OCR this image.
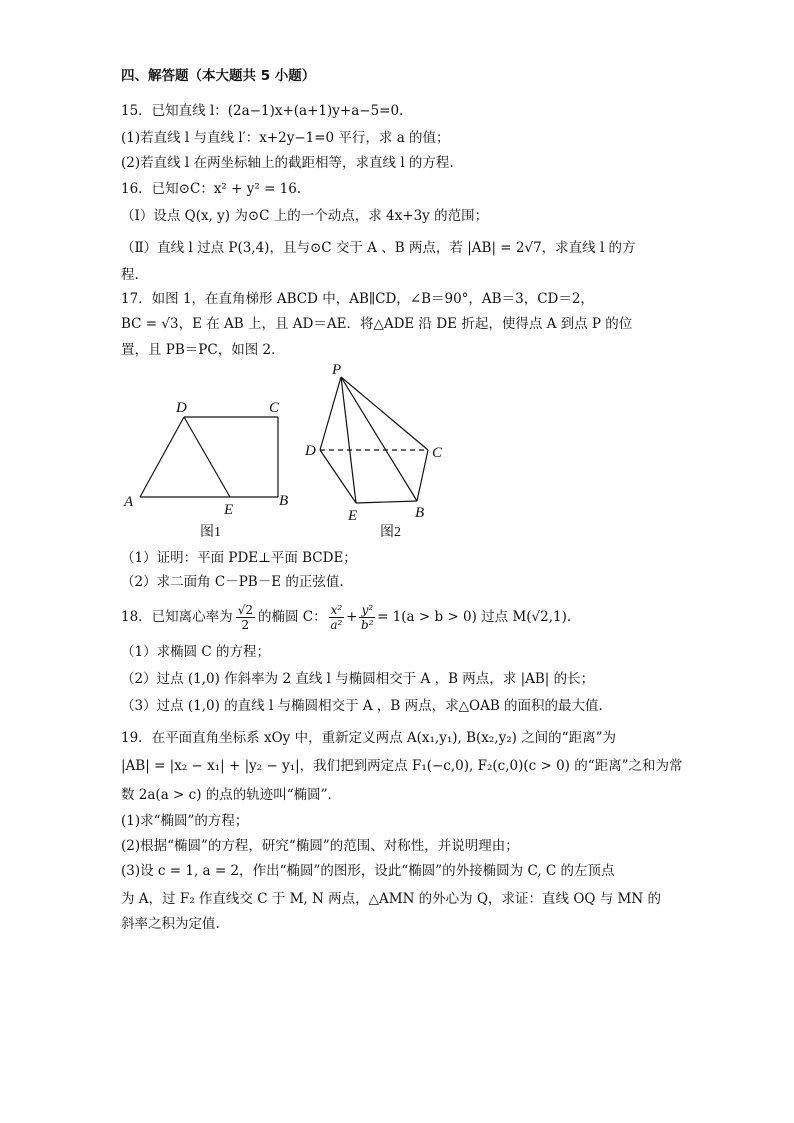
四、解答题（本大题共 5 小题）
15．已知直线 l：(2a−1)x+(a+1)y+a−5=0.
(1)若直线 l 与直线 l′：x+2y−1=0 平行，求 a 的值；
(2)若直线 l 在两坐标轴上的截距相等，求直线 l 的方程.
16．已知⊙C：x² + y² = 16.
（Ⅰ）设点 Q(x, y) 为⊙C 上的一个动点，求 4x+3y 的范围；
（Ⅱ）直线 l 过点 P(3,4)，且与⊙C 交于 A 、B 两点，若 |AB| = 2√7，求直线 l 的方
程.
17．如图 1，在直角梯形 ABCD 中，AB∥CD，∠B＝90°，AB＝3，CD＝2，
BC = √3，E 在 AB 上，且 AD＝AE．将△ADE 沿 DE 折起，使得点 A 到点 P 的位
置，且 PB＝PC，如图 2．
A
D	C
E
B
图1
P
D	C
E	B
图2
（1）证明：平面 PDE⊥平面 BCDE；
（2）求二面角 C－PB－E 的正弦值.
18．已知离心率为 $\frac{√2}{2}$ 的椭圆 C： $\frac{\text{x²}}{\text{a²}} + \frac{\text{y²}}{\text{b²}} = 1(a > b > 0)$ 过点 M(√2,1).
（1）求椭圆 C 的方程；
（2）过点 (1,0) 作斜率为 2 直线 l 与椭圆相交于 A ，B 两点，求 |AB| 的长；
（3）过点 (1,0) 的直线 l 与椭圆相交于 A ，B 两点，求△OAB 的面积的最大值.
19．在平面直角坐标系 xOy 中，重新定义两点 A(x₁,y₁), B(x₂,y₂) 之间的“距离”为
|AB| = |x₂ − x₁| + |y₂ − y₁|，我们把到两定点 F₁(−c,0), F₂(c,0)(c > 0) 的“距离”之和为常
数 2a(a > c) 的点的轨迹叫“椭圆”．
(1)求“椭圆”的方程；
(2)根据“椭圆”的方程，研究“椭圆”的范围、对称性，并说明理由；
(3)设 c = 1, a = 2，作出“椭圆”的图形，设此“椭圆”的外接椭圆为 C, C 的左顶点
为 A，过 F₂ 作直线交 C 于 M, N 两点，△AMN 的外心为 Q，求证：直线 OQ 与 MN 的
斜率之积为定值.
